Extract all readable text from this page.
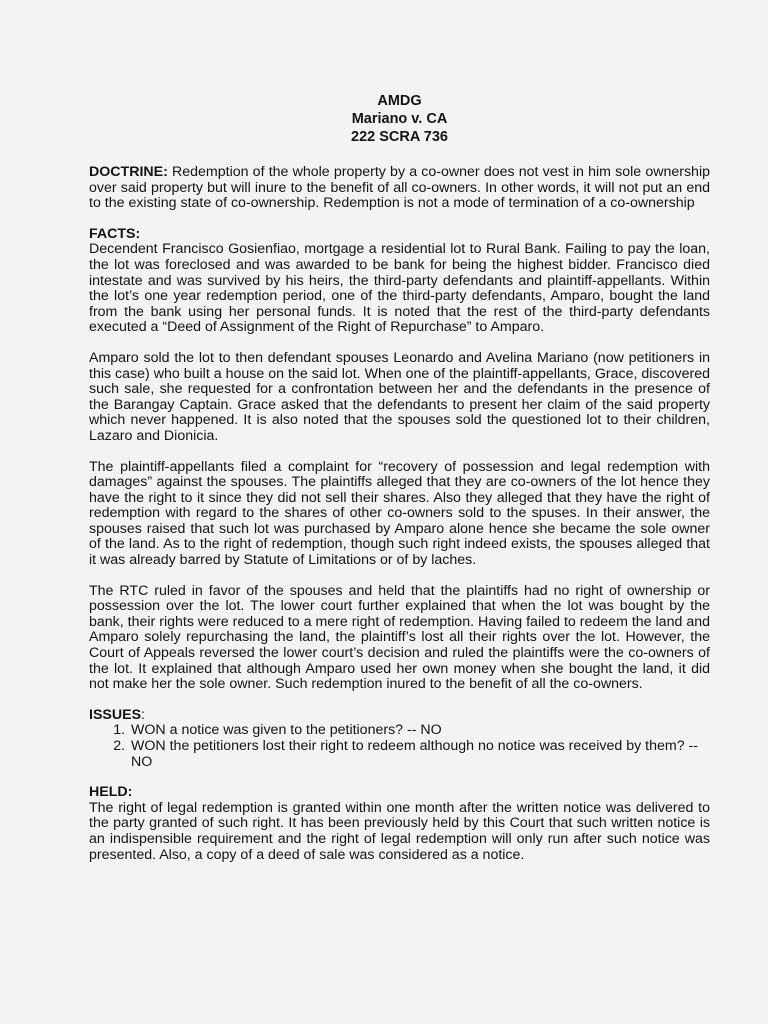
AMDG
Mariano v. CA
222 SCRA 736

DOCTRINE: Redemption of the whole property by a co-owner does not vest in him sole ownership over said property but will inure to the benefit of all co-owners. In other words, it will not put an end to the existing state of co-ownership. Redemption is not a mode of termination of a co-ownership

FACTS:

Decendent Francisco Gosienfiao, mortgage a residential lot to Rural Bank. Failing to pay the loan, the lot was foreclosed and was awarded to be bank for being the highest bidder. Francisco died intestate and was survived by his heirs, the third-party defendants and plaintiff-appellants. Within the lot’s one year redemption period, one of the third-party defendants, Amparo, bought the land from the bank using her personal funds. It is noted that the rest of the third-party defendants executed a “Deed of Assignment of the Right of Repurchase” to Amparo.

Amparo sold the lot to then defendant spouses Leonardo and Avelina Mariano (now petitioners in this case) who built a house on the said lot. When one of the plaintiff-appellants, Grace, discovered such sale, she requested for a confrontation between her and the defendants in the presence of the Barangay Captain. Grace asked that the defendants to present her claim of the said property which never happened. It is also noted that the spouses sold the questioned lot to their children, Lazaro and Dionicia.

The plaintiff-appellants filed a complaint for “recovery of possession and legal redemption with damages” against the spouses. The plaintiffs alleged that they are co-owners of the lot hence they have the right to it since they did not sell their shares. Also they alleged that they have the right of redemption with regard to the shares of other co-owners sold to the spuses. In their answer, the spouses raised that such lot was purchased by Amparo alone hence she became the sole owner of the land. As to the right of redemption, though such right indeed exists, the spouses alleged that it was already barred by Statute of Limitations or of by laches.

The RTC ruled in favor of the spouses and held that the plaintiffs had no right of ownership or possession over the lot. The lower court further explained that when the lot was bought by the bank, their rights were reduced to a mere right of redemption. Having failed to redeem the land and Amparo solely repurchasing the land, the plaintiff’s lost all their rights over the lot. However, the Court of Appeals reversed the lower court’s decision and ruled the plaintiffs were the co-owners of the lot. It explained that although Amparo used her own money when she bought the land, it did not make her the sole owner. Such redemption inured to the benefit of all the co-owners.

ISSUES:
1. WON a notice was given to the petitioners? -- NO
2. WON the petitioners lost their right to redeem although no notice was received by them? -- NO
HELD:

The right of legal redemption is granted within one month after the written notice was delivered to the party granted of such right. It has been previously held by this Court that such written notice is an indispensible requirement and the right of legal redemption will only run after such notice was presented. Also, a copy of a deed of sale was considered as a notice.
